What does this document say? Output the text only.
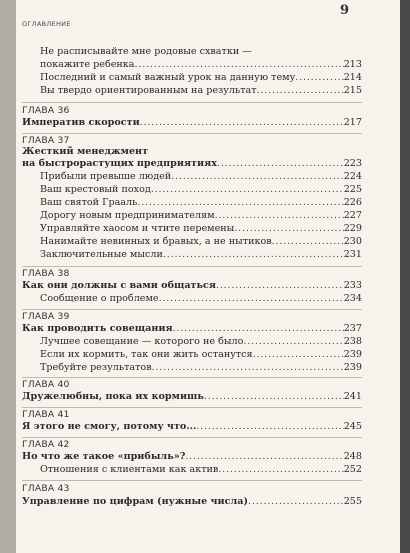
9
ОГЛАВЛЕНИЕ
Не расписывайте мне родовые схватки —
покажите ребенка .....	213
Последний и самый важный урок на данную тему .....	214
Вы твердо ориентированным на результат .....	215
ГЛАВА 36
Императив скорости .....	217
ГЛАВА 37
Жесткий менеджмент
на быстрорастущих предприятиях .....	223
Прибыли превыше людей .....	224
Ваш крестовый поход .....	225
Ваш святой Грааль .....	226
Дорогу новым предпринимателям .....	227
Управляйте хаосом и чтите перемены .....	229
Нанимайте невинных и бравых, а не нытиков .....	230
Заключительные мысли .....	231
ГЛАВА 38
Как они должны с вами общаться .....	233
Сообщение о проблеме .....	234
ГЛАВА 39
Как проводить совещания .....	237
Лучшее совещание — которого не было .....	238
Если их кормить, так они жить останутся .....	239
Требуйте результатов .....	239
ГЛАВА 40
Дружелюбны, пока их кормишь .....	241
ГЛАВА 41
Я этого не смогу, потому что... .....	245
ГЛАВА 42
Но что же такое «прибыль»? .....	248
Отношения с клиентами как актив .....	252
ГЛАВА 43
Управление по цифрам (нужные числа) .....	255
